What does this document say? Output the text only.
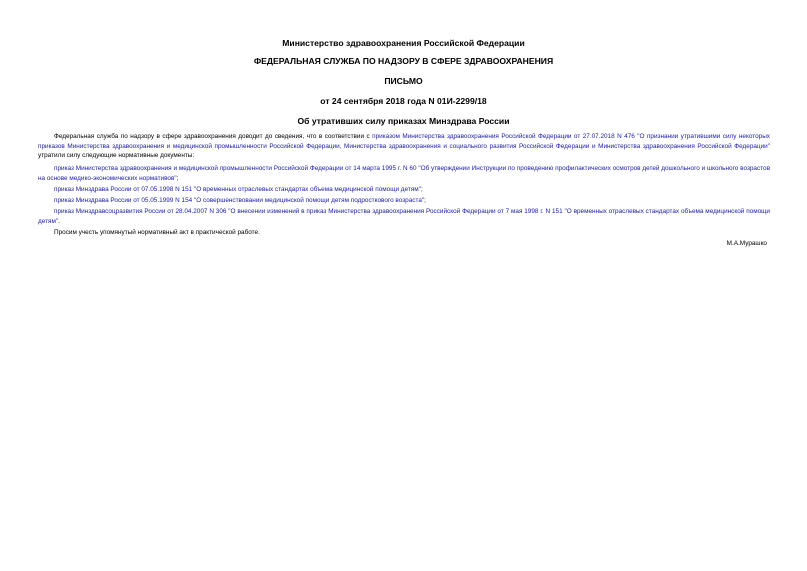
Министерство здравоохранения Российской Федерации

ФЕДЕРАЛЬНАЯ СЛУЖБА ПО НАДЗОРУ В СФЕРЕ ЗДРАВООХРАНЕНИЯ

ПИСЬМО

от 24 сентября 2018 года N 01И-2299/18

Об утративших силу приказах Минздрава России

Федеральная служба по надзору в сфере здравоохранения доводит до сведения, что в соответствии с приказом Министерства здравоохранения Российской Федерации от 27.07.2018 N 476 "О признании утратившими силу некоторых приказов Министерства здравоохранения и медицинской промышленности Российской Федерации, Министерства здравоохранения и социального развития Российской Федерации и Министерства здравоохранения Российской Федерации" утратили силу следующие нормативные документы:

приказ Министерства здравоохранения и медицинской промышленности Российской Федерации от 14 марта 1995 г. N 60 "Об утверждении Инструкции по проведению профилактических осмотров детей дошкольного и школьного возрастов на основе медико-экономических нормативов";

приказ Минздрава России от 07.05.1998 N 151 "О временных отраслевых стандартах объема медицинской помощи детям";

приказ Минздрава России от 05.05.1999 N 154 "О совершенствовании медицинской помощи детям подросткового возраста";

приказ Минздравсоцразвития России от 28.04.2007 N 306 "О внесении изменений в приказ Министерства здравоохранения Российской Федерации от 7 мая 1998 г. N 151 "О временных отраслевых стандартах объема медицинской помощи детям".

Просим учесть упомянутый нормативный акт в практической работе.

М.А.Мурашко
